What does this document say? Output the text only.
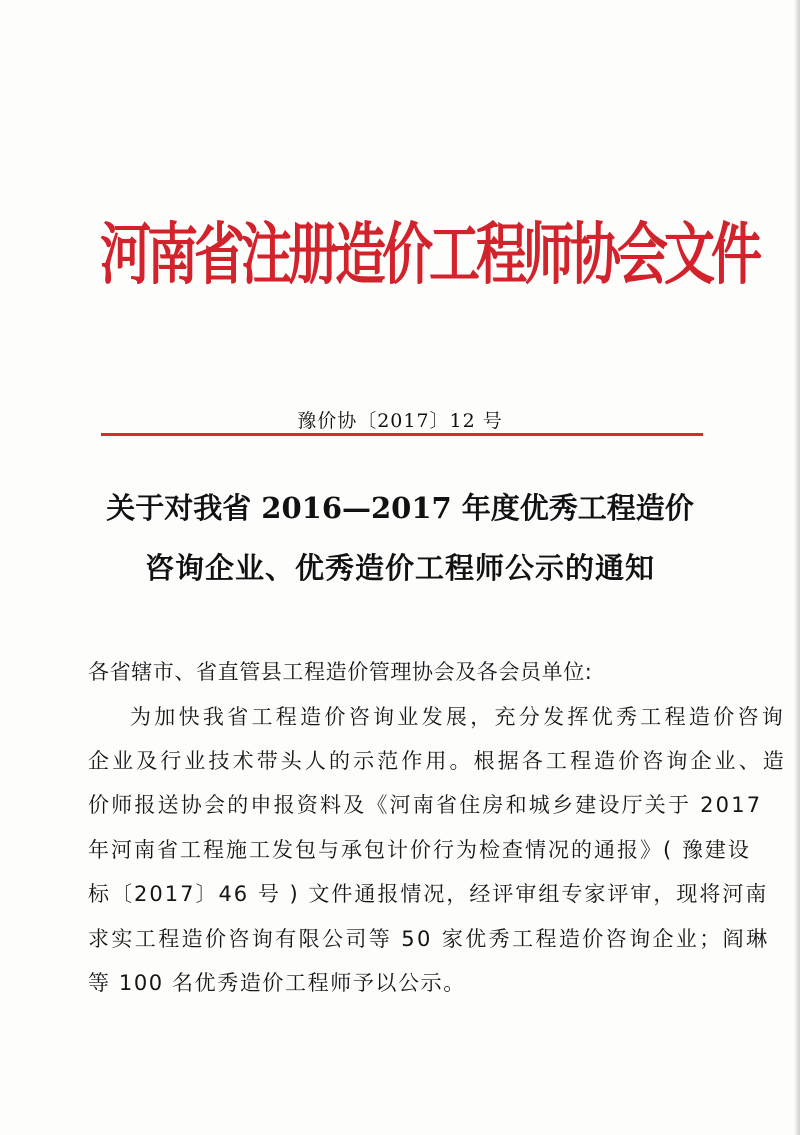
河南省注册造价工程师协会文件
豫价协〔2017〕12 号
关于对我省 2016—2017 年度优秀工程造价
咨询企业、优秀造价工程师公示的通知
各省辖市、省直管县工程造价管理协会及各会员单位:
为加快我省工程造价咨询业发展，充分发挥优秀工程造价咨询
企业及行业技术带头人的示范作用。根据各工程造价咨询企业、造
价师报送协会的申报资料及《河南省住房和城乡建设厅关于 2017
年河南省工程施工发包与承包计价行为检查情况的通报》( 豫建设
标〔2017〕46 号 ) 文件通报情况，经评审组专家评审，现将河南
求实工程造价咨询有限公司等 50 家优秀工程造价咨询企业；阎琳
等 100 名优秀造价工程师予以公示。
